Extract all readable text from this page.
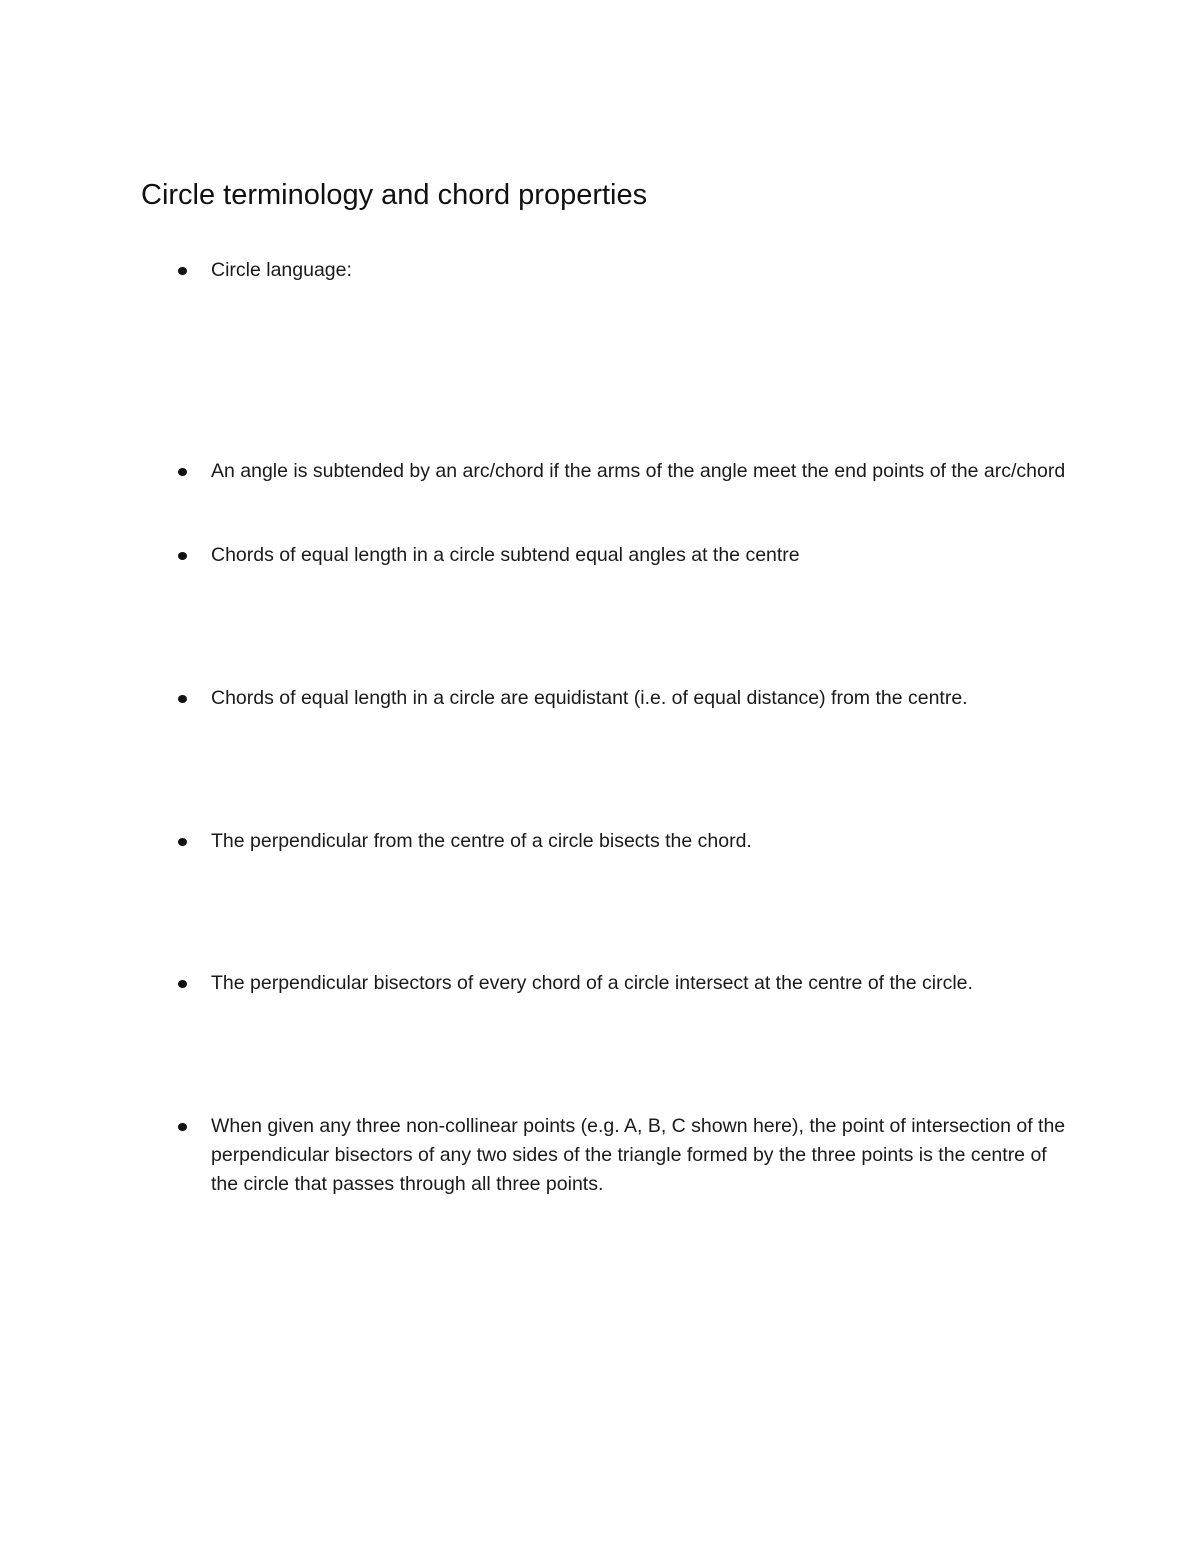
Circle terminology and chord properties

Circle language:

An angle is subtended by an arc/chord if the arms of the angle meet the end points of the arc/chord

Chords of equal length in a circle subtend equal angles at the centre

Chords of equal length in a circle are equidistant (i.e. of equal distance) from the centre.

The perpendicular from the centre of a circle bisects the chord.

The perpendicular bisectors of every chord of a circle intersect at the centre of the circle.

When given any three non-collinear points (e.g. A, B, C shown here), the point of intersection of the perpendicular bisectors of any two sides of the triangle formed by the three points is the centre of the circle that passes through all three points.
